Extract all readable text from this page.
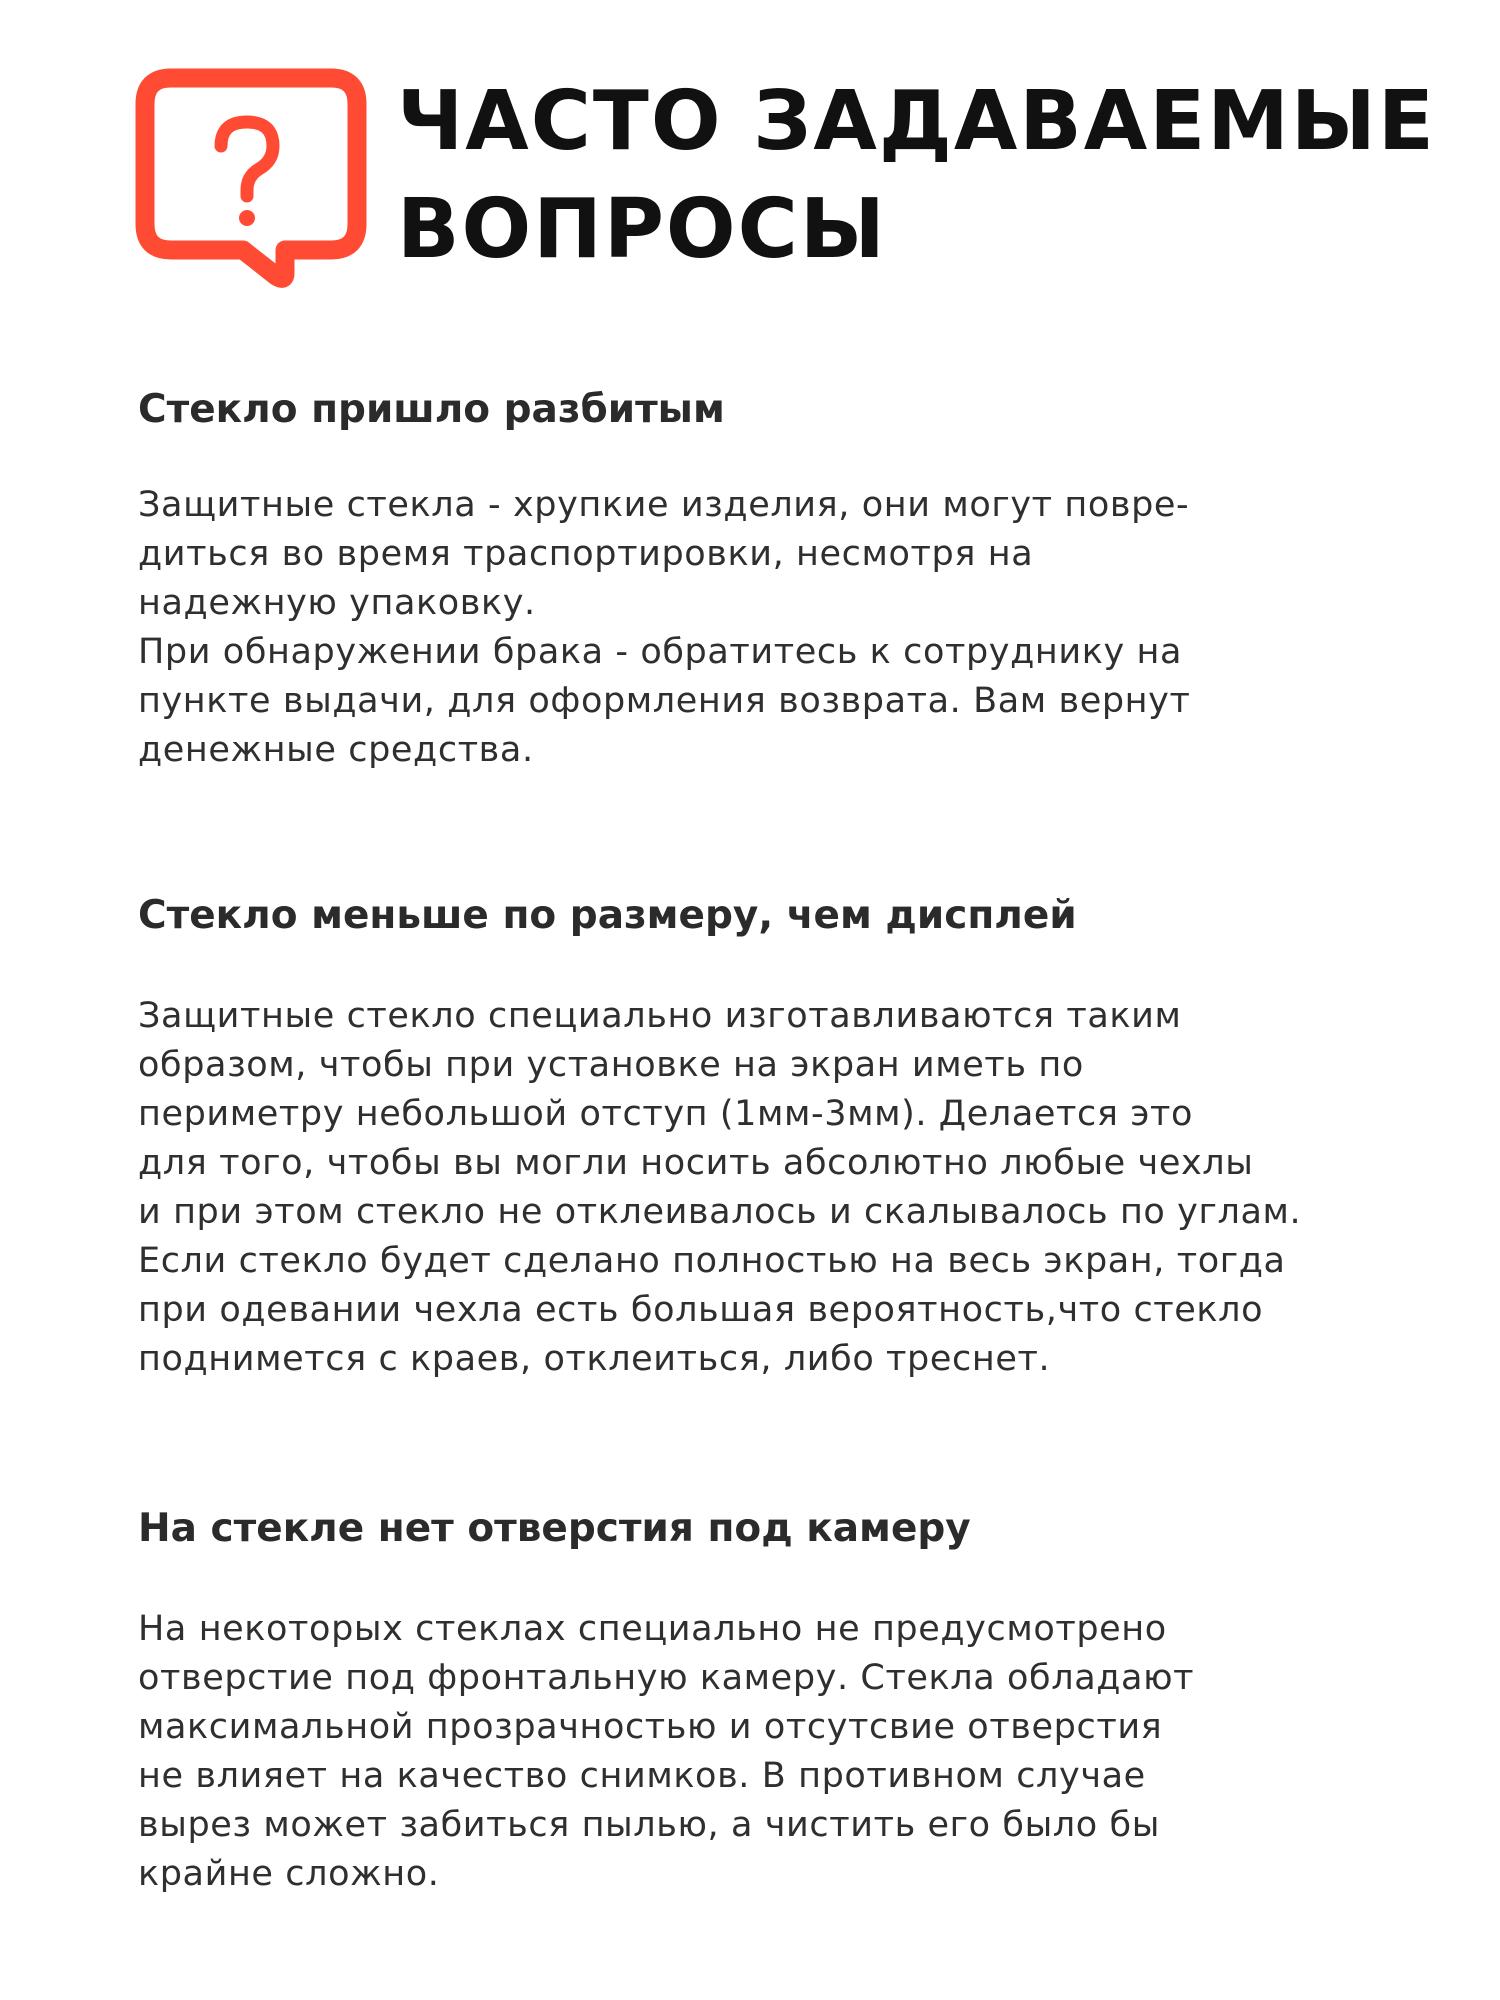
ЧАСТО ЗАДАВАЕМЫЕ
ВОПРОСЫ
Стекло пришло разбитым

Защитные стекла - хрупкие изделия, они могут повре-
диться во время траспортировки, несмотря на
надежную упаковку.
При обнаружении брака - обратитесь к сотруднику на
пункте выдачи, для оформления возврата. Вам вернут
денежные средства.

Стекло меньше по размеру, чем дисплей

Защитные стекло специально изготавливаются таким
образом, чтобы при установке на экран иметь по
периметру небольшой отступ (1мм-3мм). Делается это
для того, чтобы вы могли носить абсолютно любые чехлы
и при этом стекло не отклеивалось и скалывалось по углам.
Если стекло будет сделано полностью на весь экран, тогда
при одевании чехла есть большая вероятность,что стекло
поднимется с краев, отклеиться, либо треснет.

На стекле нет отверстия под камеру

На некоторых стеклах специально не предусмотрено
отверстие под фронтальную камеру. Стекла обладают
максимальной прозрачностью и отсутсвие отверстия
не влияет на качество снимков. В противном случае
вырез может забиться пылью, а чистить его было бы
крайне сложно.
